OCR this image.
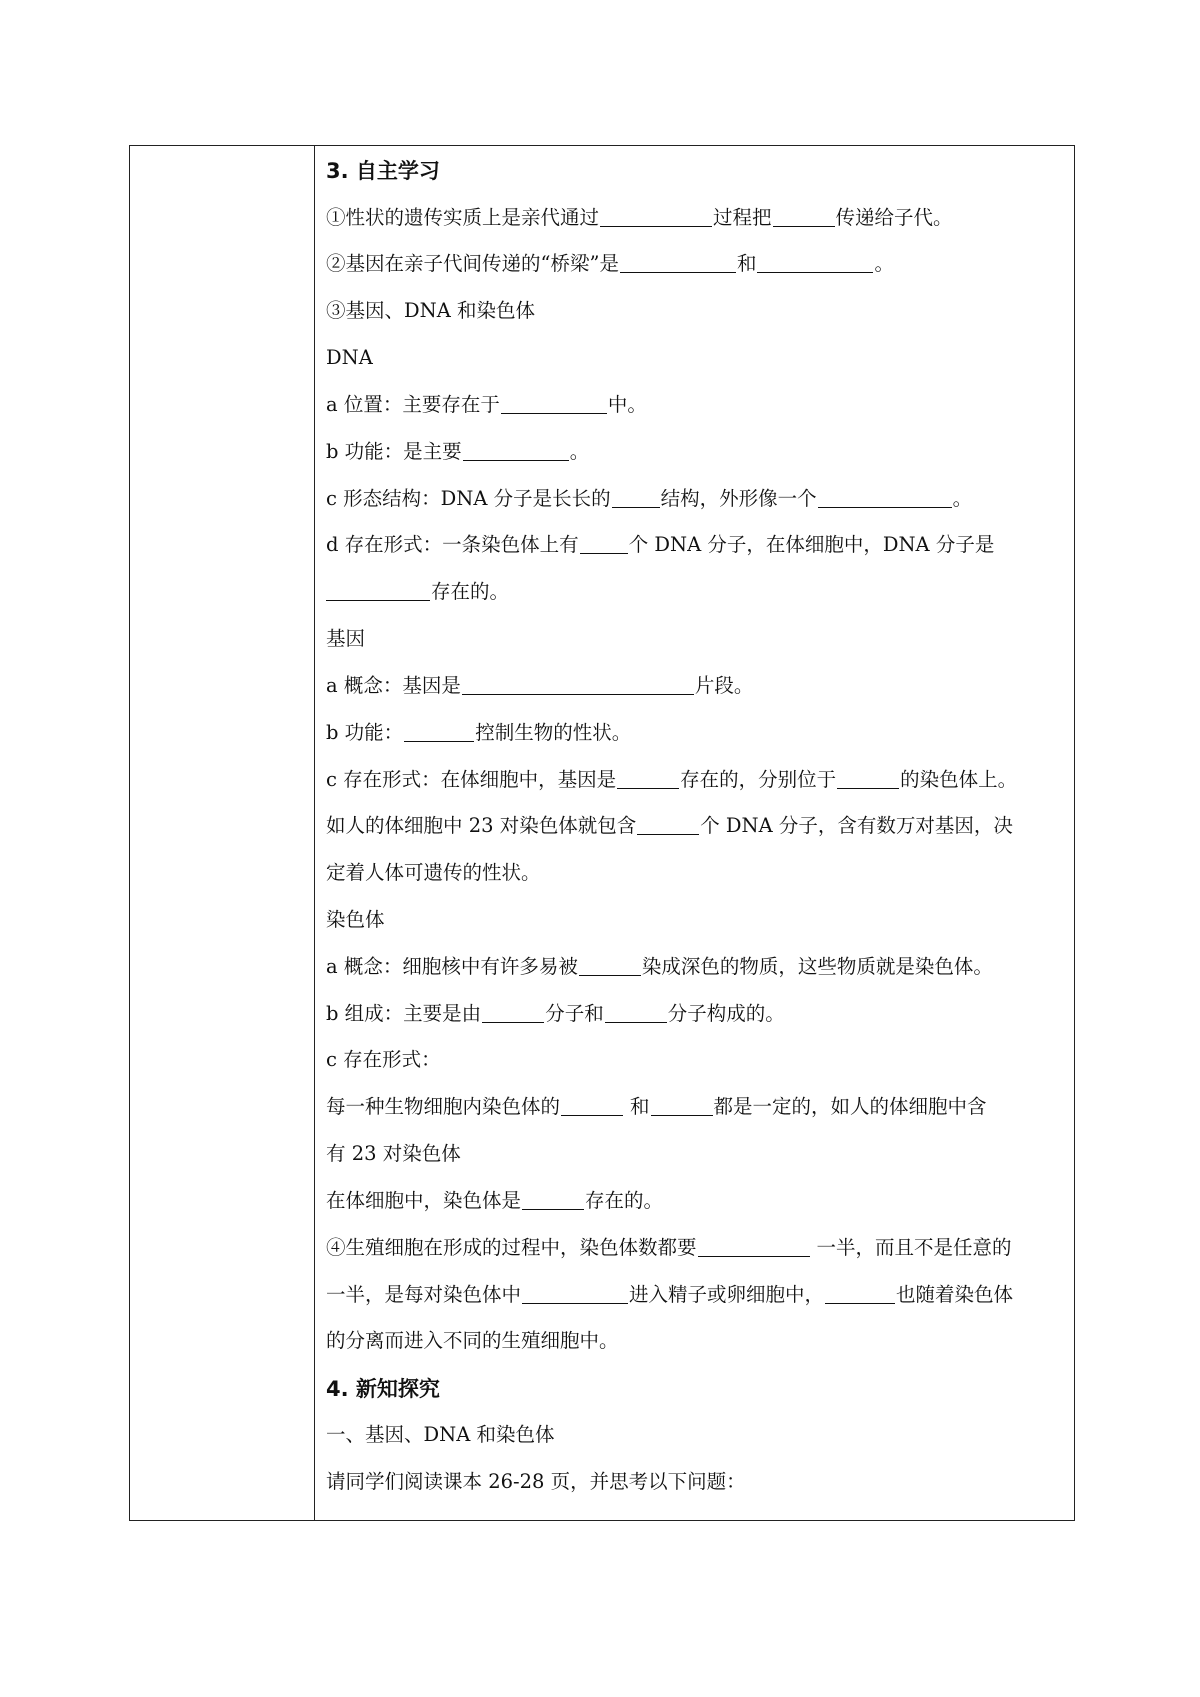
3. 自主学习
①性状的遗传实质上是亲代通过	过程把	传递给子代。
②基因在亲子代间传递的“桥梁”是	和	。
③基因、DNA 和染色体
DNA
a 位置：主要存在于	中。
b 功能：是主要	。
c 形态结构：DNA 分子是长长的	结构，外形像一个	。
d 存在形式：一条染色体上有	个 DNA 分子，在体细胞中，DNA 分子是
存在的。
基因
a 概念：基因是	片段。
b 功能：	控制生物的性状。
c 存在形式：在体细胞中，基因是	存在的，分别位于	的染色体上。
如人的体细胞中 23 对染色体就包含	个 DNA 分子，含有数万对基因，决
定着人体可遗传的性状。
染色体
a 概念：细胞核中有许多易被	染成深色的物质，这些物质就是染色体。
b 组成：主要是由	分子和	分子构成的。
c 存在形式：
每一种生物细胞内染色体的	和	都是一定的，如人的体细胞中含
有 23 对染色体
在体细胞中，染色体是	存在的。
④生殖细胞在形成的过程中，染色体数都要	一半，而且不是任意的
一半，是每对染色体中	进入精子或卵细胞中，	也随着染色体
的分离而进入不同的生殖细胞中。
4. 新知探究
一、基因、DNA 和染色体
请同学们阅读课本 26-28 页，并思考以下问题：
